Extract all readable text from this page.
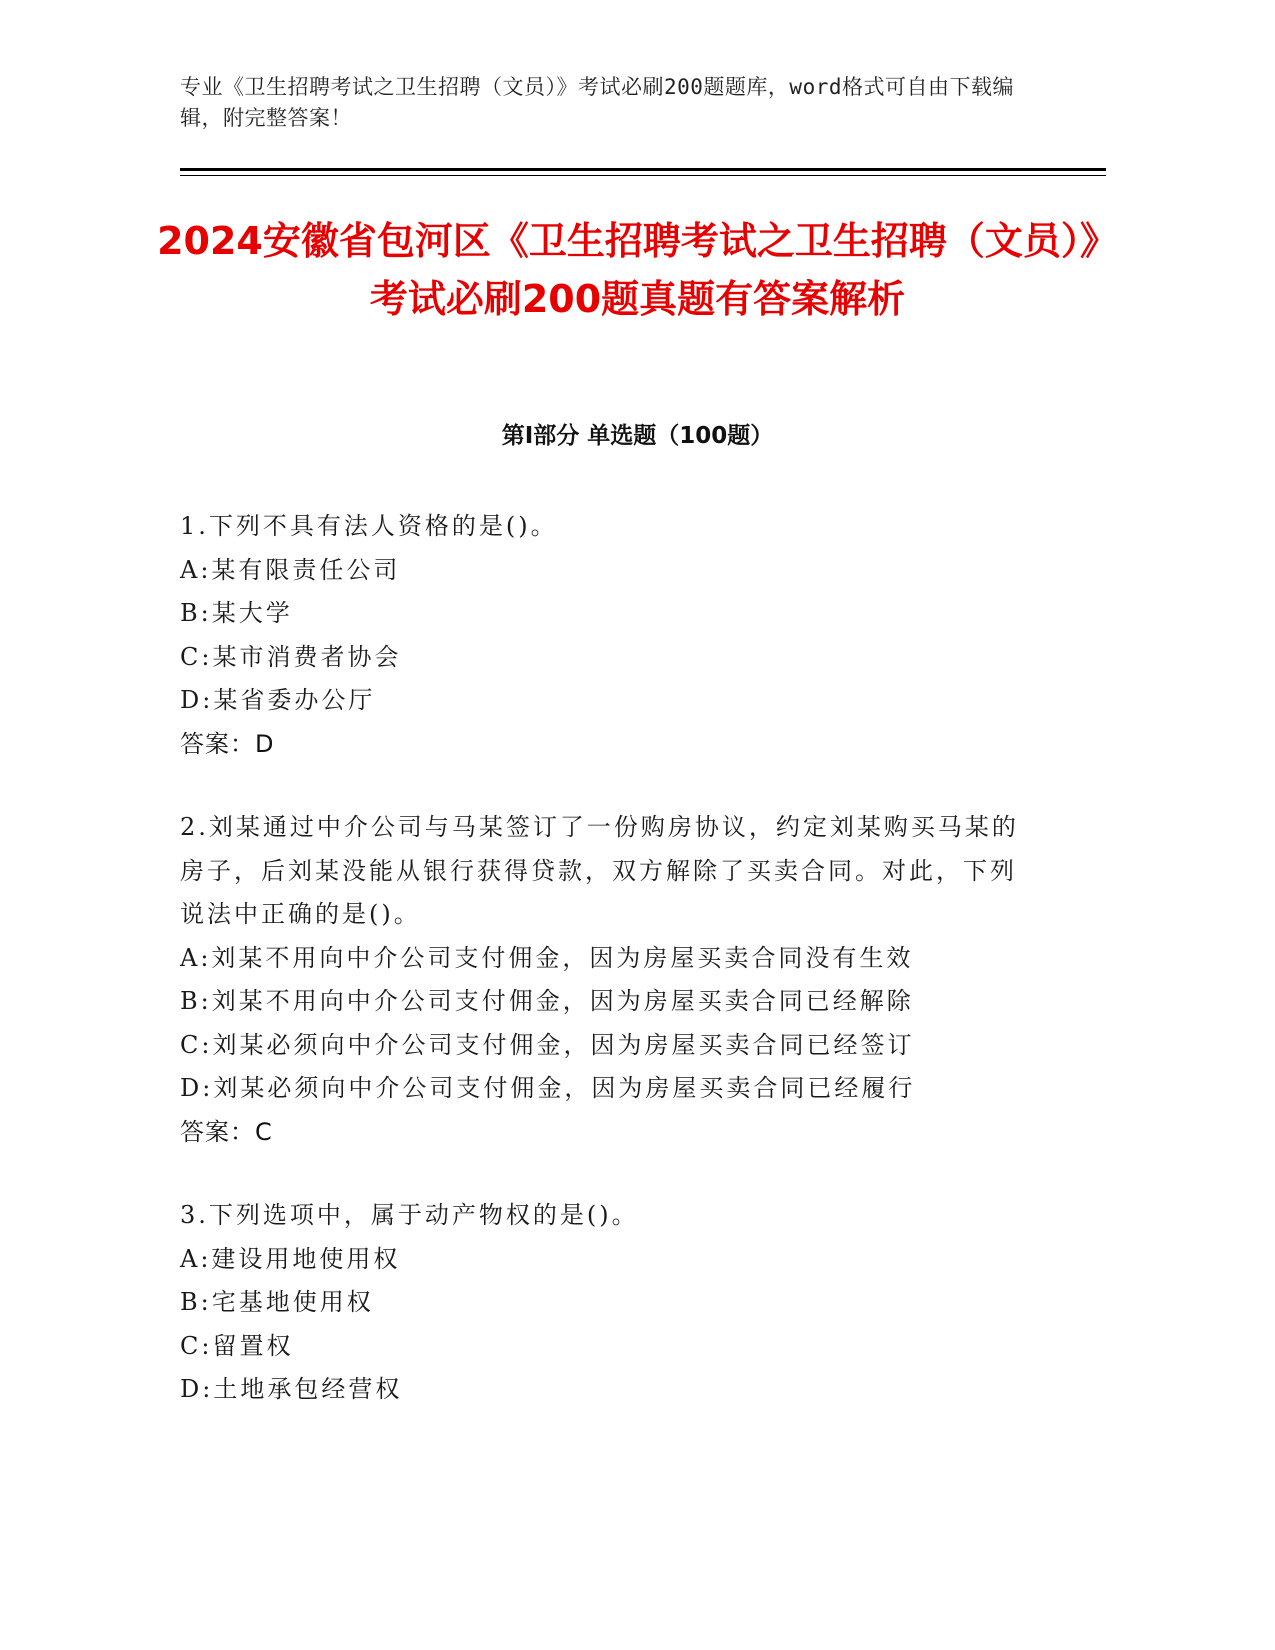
专业《卫生招聘考试之卫生招聘（文员）》考试必刷200题题库，word格式可自由下载编辑，附完整答案！
2024安徽省包河区《卫生招聘考试之卫生招聘（文员）》考试必刷200题真题有答案解析
第I部分 单选题（100题）
1.下列不具有法人资格的是()。
A:某有限责任公司
B:某大学
C:某市消费者协会
D:某省委办公厅
答案：D
2.刘某通过中介公司与马某签订了一份购房协议，约定刘某购买马某的房子，后刘某没能从银行获得贷款，双方解除了买卖合同。对此，下列说法中正确的是()。
A:刘某不用向中介公司支付佣金，因为房屋买卖合同没有生效
B:刘某不用向中介公司支付佣金，因为房屋买卖合同已经解除
C:刘某必须向中介公司支付佣金，因为房屋买卖合同已经签订
D:刘某必须向中介公司支付佣金，因为房屋买卖合同已经履行
答案：C
3.下列选项中，属于动产物权的是()。
A:建设用地使用权
B:宅基地使用权
C:留置权
D:土地承包经营权
